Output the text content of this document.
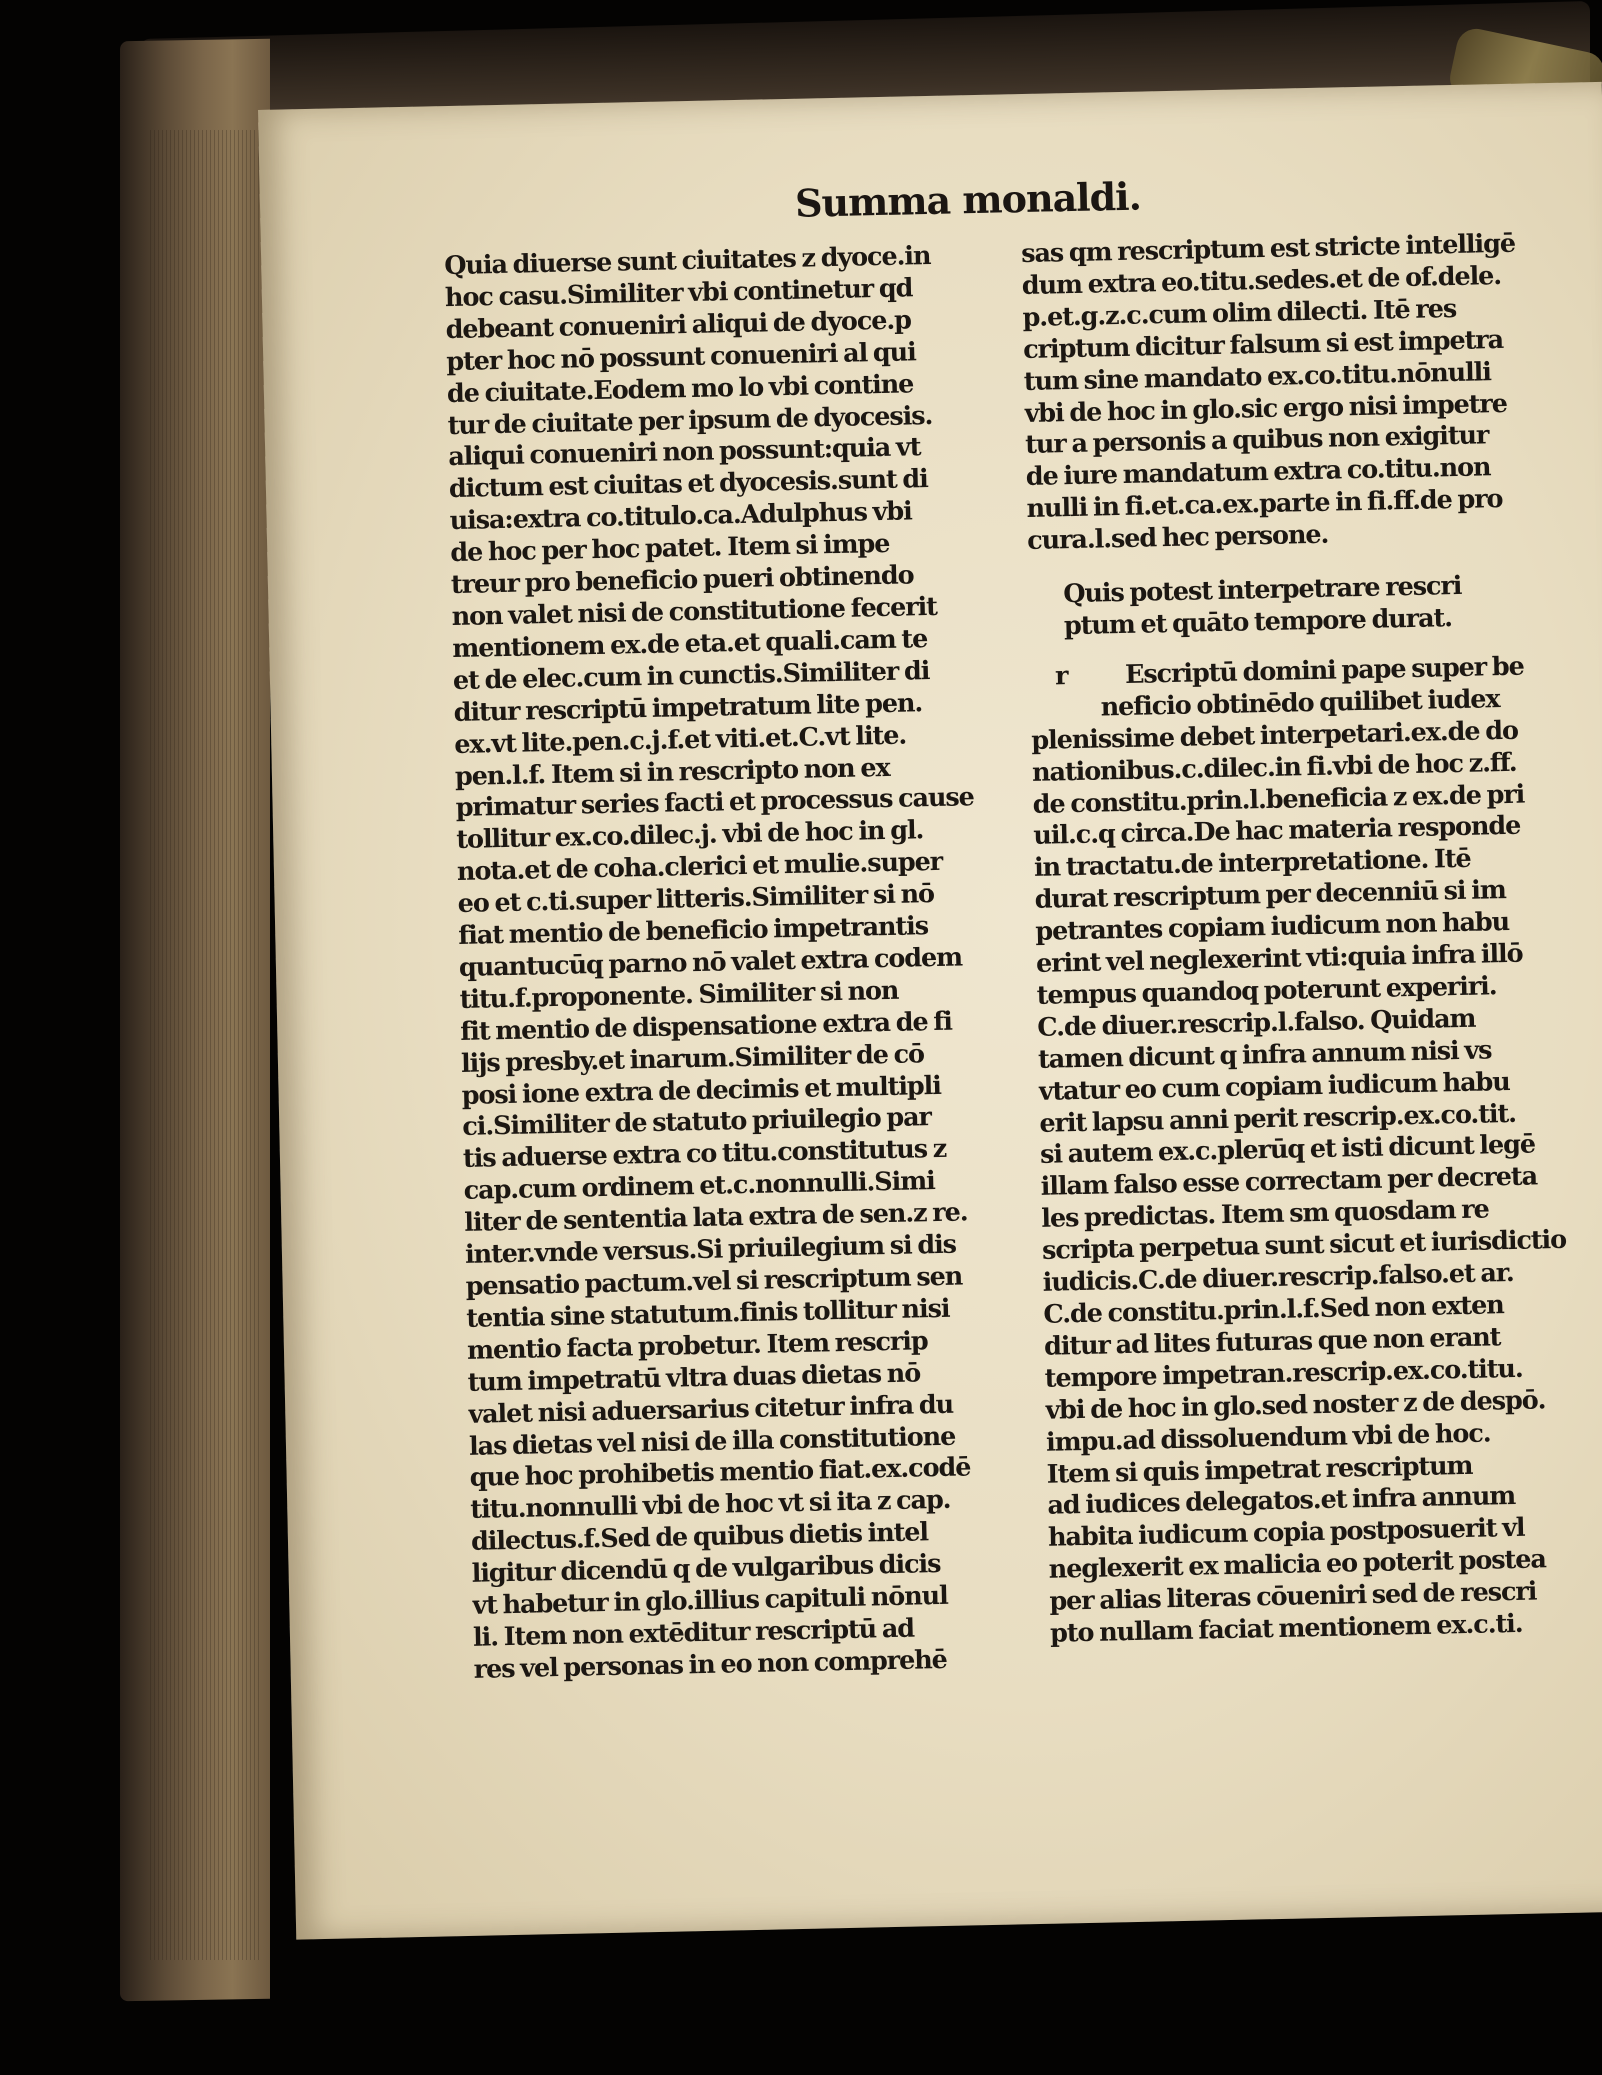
Summa monaldi.
Quia diuerse sunt ciuitates z dyoce.in
hoc casu.Similiter vbi continetur qd
debeant conueniri aliqui de dyoce.p
pter hoc nō possunt conueniri al qui
de ciuitate.Eodem mo lo vbi contine
tur de ciuitate per ipsum de dyocesis.
aliqui conueniri non possunt:quia vt
dictum est ciuitas et dyocesis.sunt di
uisa:extra co.titulo.ca.Adulphus vbi
de hoc per hoc patet. Item si impe
treur pro beneficio pueri obtinendo
non valet nisi de constitutione fecerit
mentionem ex.de eta.et quali.cam te
et de elec.cum in cunctis.Similiter di
ditur rescriptū impetratum lite pen.
ex.vt lite.pen.c.j.f.et viti.et.C.vt lite.
pen.l.f. Item si in rescripto non ex
primatur series facti et processus cause
tollitur ex.co.dilec.j. vbi de hoc in gl.
nota.et de coha.clerici et mulie.super
eo et c.ti.super litteris.Similiter si nō
fiat mentio de beneficio impetrantis
quantucūq parno nō valet extra codem
titu.f.proponente. Similiter si non
fit mentio de dispensatione extra de fi
lijs presby.et inarum.Similiter de cō
posi ione extra de decimis et multipli
ci.Similiter de statuto priuilegio par
tis aduerse extra co titu.constitutus z
cap.cum ordinem et.c.nonnulli.Simi
liter de sententia lata extra de sen.z re.
inter.vnde versus.Si priuilegium si dis
pensatio pactum.vel si rescriptum sen
tentia sine statutum.finis tollitur nisi
mentio facta probetur. Item rescrip
tum impetratū vltra duas dietas nō
valet nisi aduersarius citetur infra du
las dietas vel nisi de illa constitutione
que hoc prohibetis mentio fiat.ex.codē
titu.nonnulli vbi de hoc vt si ita z cap.
dilectus.f.Sed de quibus dietis intel
ligitur dicendū q de vulgaribus dicis
vt habetur in glo.illius capituli nōnul
li. Item non extēditur rescriptū ad
res vel personas in eo non comprehē
sas qm rescriptum est stricte intelligē
dum extra eo.titu.sedes.et de of.dele.
p.et.g.z.c.cum olim dilecti. Itē res
criptum dicitur falsum si est impetra
tum sine mandato ex.co.titu.nōnulli
vbi de hoc in glo.sic ergo nisi impetre
tur a personis a quibus non exigitur
de iure mandatum extra co.titu.non
nulli in fi.et.ca.ex.parte in fi.ff.de pro
cura.l.sed hec persone.
Quis potest interpetrare rescri
ptum et quāto tempore durat.
r Escriptū domini pape super be
neficio obtinēdo quilibet iudex
plenissime debet interpetari.ex.de do
nationibus.c.dilec.in fi.vbi de hoc z.ff.
de constitu.prin.l.beneficia z ex.de pri
uil.c.q circa.De hac materia responde
in tractatu.de interpretatione. Itē
durat rescriptum per decenniū si im
petrantes copiam iudicum non habu
erint vel neglexerint vti:quia infra illō
tempus quandoq poterunt experiri.
C.de diuer.rescrip.l.falso. Quidam
tamen dicunt q infra annum nisi vs
vtatur eo cum copiam iudicum habu
erit lapsu anni perit rescrip.ex.co.tit.
si autem ex.c.plerūq et isti dicunt legē
illam falso esse correctam per decreta
les predictas. Item sm quosdam re
scripta perpetua sunt sicut et iurisdictio
iudicis.C.de diuer.rescrip.falso.et ar.
C.de constitu.prin.l.f.Sed non exten
ditur ad lites futuras que non erant
tempore impetran.rescrip.ex.co.titu.
vbi de hoc in glo.sed noster z de despō.
impu.ad dissoluendum vbi de hoc.
Item si quis impetrat rescriptum
ad iudices delegatos.et infra annum
habita iudicum copia postposuerit vl
neglexerit ex malicia eo poterit postea
per alias literas cōueniri sed de rescri
pto nullam faciat mentionem ex.c.ti.
